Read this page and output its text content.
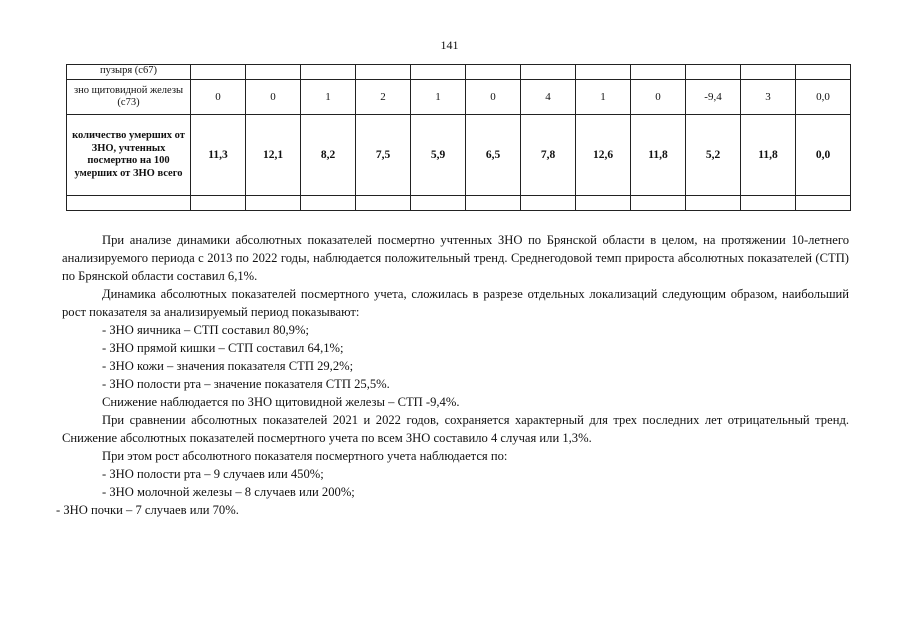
141
пузыря (с67)												
зно щитовидной железы (с73)	0	0	1	2	1	0	4	1	0	-9,4	3	0,0
количество умерших от ЗНО, учтенных посмертно на 100 умерших от ЗНО всего	11,3	12,1	8,2	7,5	5,9	6,5	7,8	12,6	11,8	5,2	11,8	0,0

При анализе динамики абсолютных показателей посмертно учтенных ЗНО по Брянской области в целом, на протяжении 10-летнего анализируемого периода с 2013 по 2022 годы, наблюдается положительный тренд. Среднегодовой темп прироста абсолютных показателей (СТП) по Брянской области составил 6,1%.

Динамика абсолютных показателей посмертного учета, сложилась в разрезе отдельных локализаций следующим образом, наибольший рост показателя за анализируемый период показывают:

- ЗНО яичника – СТП составил 80,9%;

- ЗНО прямой кишки – СТП составил 64,1%;

- ЗНО кожи – значения показателя СТП 29,2%;

- ЗНО полости рта – значение показателя СТП 25,5%.

Снижение наблюдается по ЗНО щитовидной железы – СТП -9,4%.

При сравнении абсолютных показателей 2021 и 2022 годов, сохраняется характерный для трех последних лет отрицательный тренд. Снижение абсолютных показателей посмертного учета по всем ЗНО составило 4 случая или 1,3%.

При этом рост абсолютного показателя посмертного учета наблюдается по:

- ЗНО полости рта – 9 случаев или 450%;

- ЗНО молочной железы – 8 случаев или 200%;

- ЗНО почки – 7 случаев или 70%.
